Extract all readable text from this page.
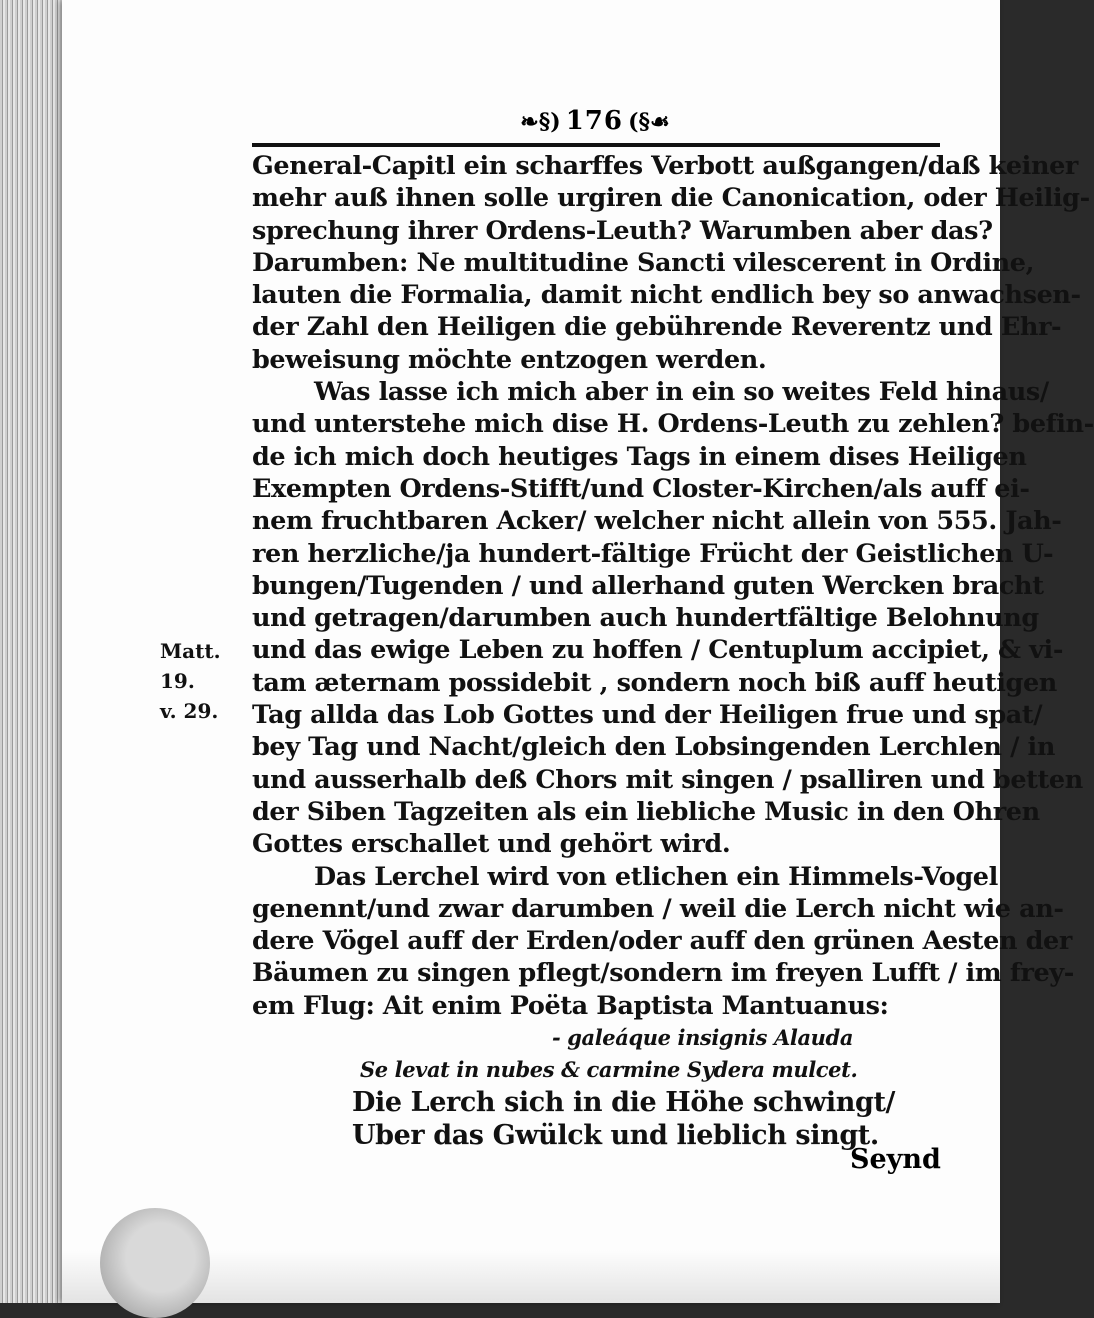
❧§) 176 (§☙
Matt. 19.
v. 29.
General-Capitl ein scharffes Verbott außgangen/daß keiner
mehr auß ihnen solle urgiren die Canonication, oder Heilig-
sprechung ihrer Ordens-Leuth? Warumben aber das?
Darumben: Ne multitudine Sancti vilescerent in Ordine,
lauten die Formalia, damit nicht endlich bey so anwachsen-
der Zahl den Heiligen die gebührende Reverentz und Ehr-
beweisung möchte entzogen werden.
Was lasse ich mich aber in ein so weites Feld hinaus/
und unterstehe mich dise H. Ordens-Leuth zu zehlen? befin-
de ich mich doch heutiges Tags in einem dises Heiligen
Exempten Ordens-Stifft/und Closter-Kirchen/als auff ei-
nem fruchtbaren Acker/ welcher nicht allein von 555. Jah-
ren herzliche/ja hundert-fältige Frücht der Geistlichen U-
bungen/Tugenden / und allerhand guten Wercken bracht
und getragen/darumben auch hundertfältige Belohnung
und das ewige Leben zu hoffen / Centuplum accipiet, & vi-
tam æternam possidebit , sondern noch biß auff heutigen
Tag allda das Lob Gottes und der Heiligen frue und spat/
bey Tag und Nacht/gleich den Lobsingenden Lerchlen / in
und ausserhalb deß Chors mit singen / psalliren und betten
der Siben Tagzeiten als ein liebliche Music in den Ohren
Gottes erschallet und gehört wird.
Das Lerchel wird von etlichen ein Himmels-Vogel
genennt/und zwar darumben / weil die Lerch nicht wie an-
dere Vögel auff der Erden/oder auff den grünen Aesten der
Bäumen zu singen pflegt/sondern im freyen Lufft / im frey-
em Flug: Ait enim Poëta Baptista Mantuanus:
- galeáque insignis Alauda
Se levat in nubes & carmine Sydera mulcet.
Die Lerch sich in die Höhe schwingt/
Uber das Gwülck und lieblich singt.
Seynd
